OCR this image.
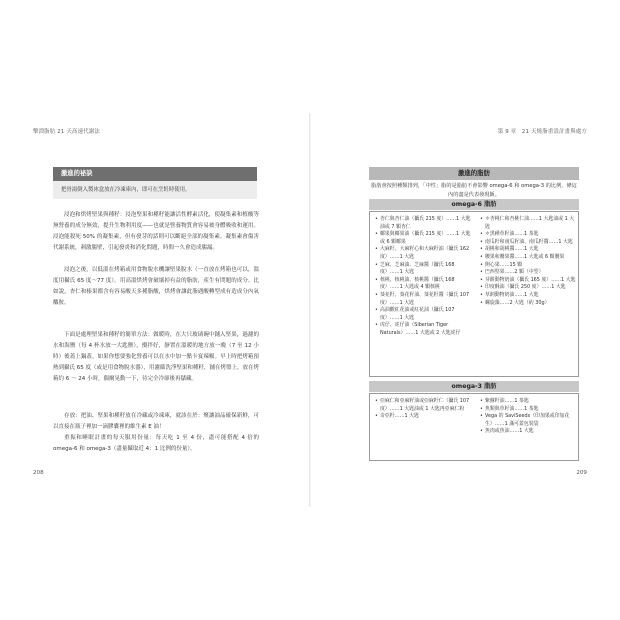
擊潰脂肪 21 天高速代謝法
激進的祕訣
把骨湯倒入製冰盒放在冷凍庫內，即可在烹飪時使用。

浸泡和烘烤堅果與種籽：浸泡堅果和種籽能讓活性酵素活化，使凝集素和植酸等無營養的成分無效，提升生物利用度——也就是營養物質會容易被身體吸收和運用。浸泡能殺死 50% 的凝集素，但有發芽的話則可以斷絕全部的凝集素。凝集素會傷害代謝系統，刺激腸壁，引起發炎和消化問題，時間一久會造成腸漏。

浸泡之後，以低溫在烤箱或用食物脫水機讓堅果脫水（一直放在烤箱也可以，溫度用攝氏 65 度～77 度）。用高溫烘烤會破壞掉有益的脂肪，產生有問題的成分。比如說，杏仁和榛果都含有容易酸天多種脂酸，烘烤會讓此脂遇酸轉型成有造成分內氧醯胺。

下面是處理堅果和種籽的簡單方法：做暖時，在大只玻璃碗中鋪入堅果，過濾的水和海鹽（每 4 杯水放一大匙鹽），攪拌好，靜置在溫暖的地方放一晚（7 至 12 小時）後蓋上鍋蓋。如果你想要強化營養可以在水中加一點卡宴辣椒。早上時把烤箱預熱到攝氏 65 度（或是用食物脫水器），用濾篩洗淨堅果和種籽，鋪在烤盤上，放在烤箱約 6 ～ 24 小時，偶爾晃動一下，待完全冷卻後再儲藏。

存放：把油、堅果和種籽放在冷藏或冷凍庫，就該在於：聚讓油品確保新鮮，可以直接在瓶子裡加一滴膠囊裡的維生素 E 油！

重振和睡眠計畫的每天服用份量：每天吃 1 至 4 份，盡可能搭配 4 倍的 omega-6 和 omega-3（盡量攝取近 4：1 比例的份量）。

208
第 9 章　21 天燒脂重設計畫與處方
激進的脂肪
脂肪會按照種類排列，「中性」脂的是脂肪不會影響 omega-6 和 omega-3 的比例，條這內的盡是代表發現飯。
omega-6 脂肪
• 杏仁與杏仁油（攝氏 215 度）……1 大匙油或 7 顆杏仁
• 椰果與椰果油（攝氏 215 度）……1 大匙或 6 顆椰果
• 大麻籽、大麻籽心和大麻籽油（攝氏 162 度）……1 大匙
• 芝麻、芝麻油、芝麻醬（攝氏 168 度）……1 大匙
• 核桃、核桃油、核桃醬（攝氏 168 度）……1 大匙或 4 顆核桃
• 葵花籽、葵花籽油、葵花籽醬（攝氏 107 度）……1 大匙
• 高油酸紅花油或紅花油（攝氏 107 度）……1 大匙
• 虎仔、虎仔油（Siberian Tiger Naturals）……1 大匙或 2 大匙虎仔
• ＊杏桃仁和杏桃仁油……1 大匙油或 1 大匙
• ＊黑種草籽油……1 茶匙
• 南瓜籽和南瓜籽油、南瓜籽醬……1 大匙
• 胡桃和胡桃醬……1 大匙
• 腰果和腰果醬……1 大匙或 6 顆腰果
• 開心果……15 顆
• 巴西堅果……2 顆（中型）
• 芽餅動物奶油（攝氏 165 度）……1 大匙
• 印度酥油（攝氏 250 度）……1 大匙
• 草飼動物奶油……1 大匙
• 螺旋藻……2 大匙（約 30g）
omega-3 脂肪
• 亞麻仁和亞麻籽油或亞麻籽仁（攝氏 107 度）……1 大匙油或 1 大匙再亞麻仁粉
• 奇亞籽……1 大匙
• 紫蘇籽油……1 茶匙
• 魚類與草籽油……1 茶匙
• Vega 的 SaviSeeds（印加果或印加花生）……1 滿可蓋包裝袋
• 魚肉或魚油……1 大匙
209
